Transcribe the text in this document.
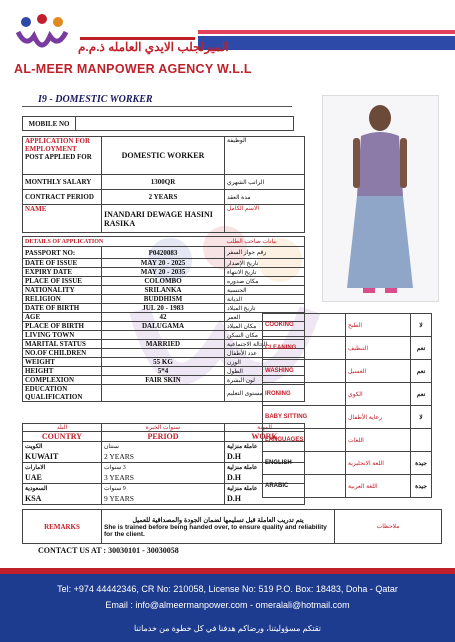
الميرلجلب الايدي العامله ذ.م.م
AL-MEER MANPOWER AGENCY W.L.L
I9 - DOMESTIC WORKER
MOBILE NO	
APPLICATION FOR EMPLOYMENT
POST APPLIED FOR	DOMESTIC WORKER	الوظيفة
MONTHLY SALARY	1300QR	الراتب الشهري
CONTRACT PERIOD	2 YEARS	مدة العقد
NAME	INANDARI DEWAGE HASINI RASIKA	الاسم الكامل
DETAILS OF APPLICATION		بيانات صاحب الطلب
PASSPORT NO:	P0420083	رقم جواز السفر
DATE OF ISSUE	MAY 20 - 2025	تاريخ الإصدار
EXPIRY DATE	MAY 20 - 2035	تاريخ الانتهاء
PLACE OF ISSUE	COLOMBO	مكان صدوره
NATIONALITY	SRILANKA	الجنسية
RELIGION	BUDDHISM	الديانة
DATE OF BIRTH	JUL 20 - 1983	تاريخ الميلاد
AGE	42	العمر
PLACE OF BIRTH	DALUGAMA	مكان الميلاد
LIVING TOWN		مكان السكن
MARITAL STATUS	MARRIED	الحالة الاجتماعية
NO.OF CHILDREN		عدد الأطفال
WEIGHT	55 KG	الوزن
HEIGHT	5*4	الطول
COMPLEXION	FAIR SKIN	لون البشرة
EDUCATION QUALIFICATION		مستوى التعليم
البلد	سنوات الخبرة	المهنة
COUNTRY	PERIOD	WORK
الكويت	سنتان	عاملة منزلية
KUWAIT	2 YEARS	D.H
الامارات	3 سنوات	عاملة منزلية
UAE	3 YEARS	D.H
السعودية	9 سنوات	عاملة منزلية
KSA	9 YEARS	D.H
REMARKS	
يتم تدريب العاملة قبل تسليمها لضمان الجودة والمصداقية للعميل
She is trained before being handed over, to ensure quality and reliability for the client.
	ملاحظات
CONTACT US AT : 30030101 - 30030058
COOKING	الطبخ	لا
CLEANING	التنظيف	نعم
WASHING	الغسيل	نعم
IRONING	الكوي	نعم
BABY SITTING	رعاية الأطفال	لا
LANGUAGES	اللغات	
ENGLISH	اللغة الانجليزية	جيدة
ARABIC	اللغة العربية	جيدة
Tel: +974 44442346, CR No: 210058, License No: 519 P.O. Box: 18483, Doha - Qatar
Email : info@almeermanpower.com - omeralali@hotmail.com
تقتكم مسؤوليتنا، ورضاكم هدفنا في كل خطوة من خدماتنا
